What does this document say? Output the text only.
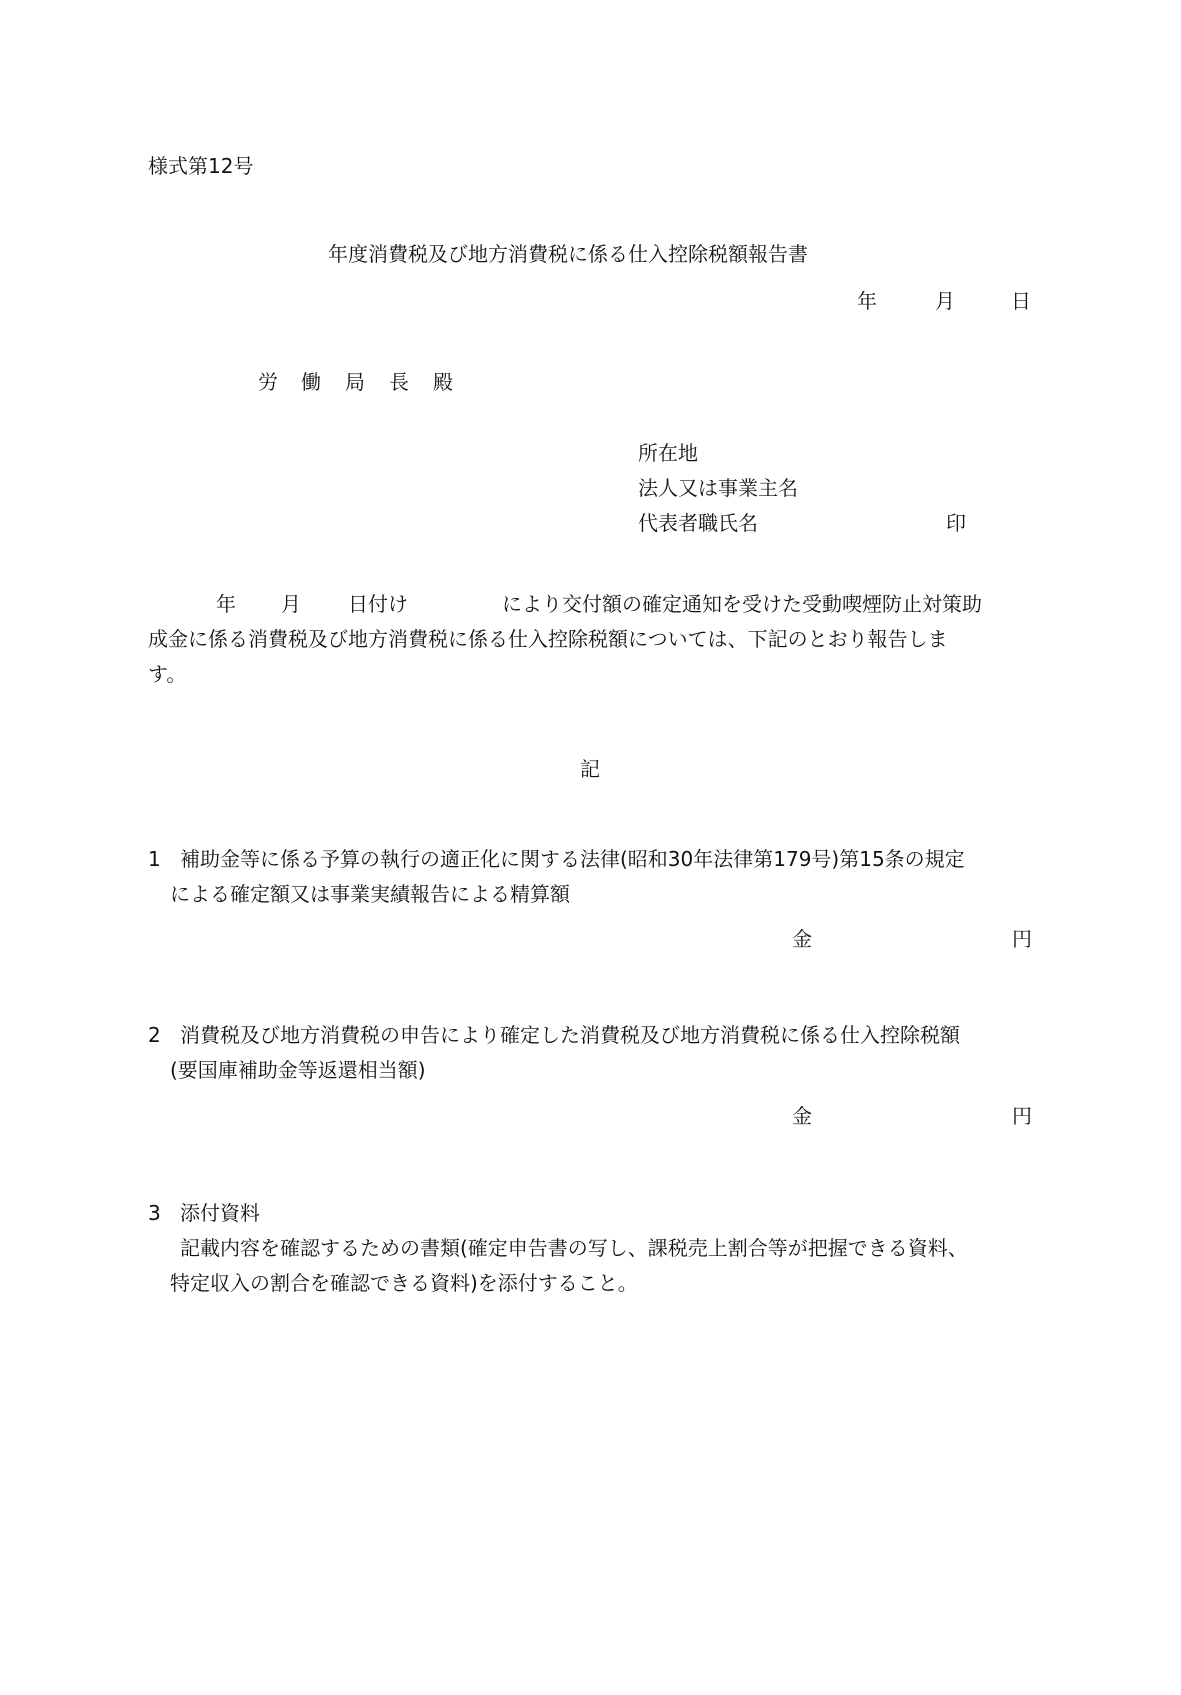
様式第12号
年度消費税及び地方消費税に係る仕入控除税額報告書
年	月	日
労 働 局 長 殿
所在地
法人又は事業主名
代表者職氏名	印
年 月 日付け	により交付額の確定通知を受けた受動喫煙防止対策助
成金に係る消費税及び地方消費税に係る仕入控除税額については、下記のとおり報告しま
す。
記
1 補助金等に係る予算の執行の適正化に関する法律(昭和30年法律第179号)第15条の規定
による確定額又は事業実績報告による精算額
金	円
2 消費税及び地方消費税の申告により確定した消費税及び地方消費税に係る仕入控除税額
(要国庫補助金等返還相当額)
金	円
3 添付資料
記載内容を確認するための書類(確定申告書の写し、課税売上割合等が把握できる資料、
特定収入の割合を確認できる資料)を添付すること。
